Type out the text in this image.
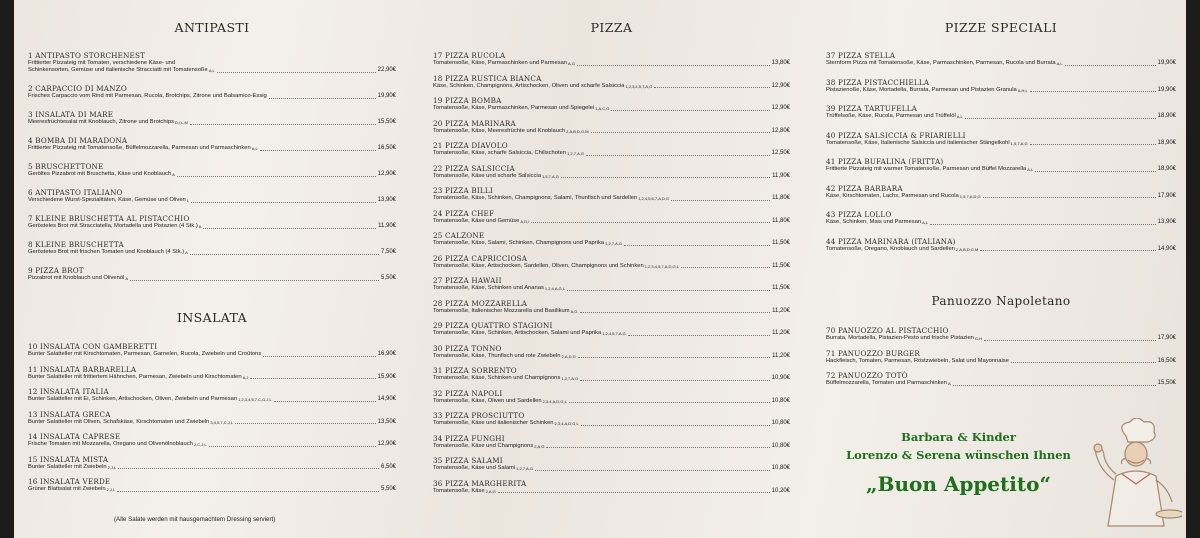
ANTIPASTI
1 ANTIPASTO STORCHENEST
Frittierter Pizzateig mit Tomaten, verschiedene Käse- und
Schinkensorten, Gemüse und italienische Stracciatti mit Tomatensoße A,L	22,90€
2 CARPACCIO DI MANZO
Frisches Carpaccio vom Rind mit Parmesan, Rucola, Brotchips, Zitrone und Balsamico-Essig	19,90€
3 INSALATA DI MARE
Meeresfrüchtesalat mit Knoblauch, Zitrone und Brotchips D,I,L,M	15,50€
4 BOMBA DI MARADONA
Frittierter Pizzateig mit Tomatensoße, Büffelmozzarella, Parmesan und Parmaschinken A,L	16,50€
5 BRUSCHETTONE
Geröltes Pizzabrot mit Bruschetta, Käse und Knoblauch A	12,90€
6 ANTIPASTO ITALIANO
Verschiedene Wurst-Spezialitäten, Käse, Gemüse und Oliven L	13,90€
7 KLEINE BRUSCHETTA AL PISTACCHIO
Gerösteles Brot mit Stracciatella, Mortadella und Pistazien (4 Stk.) A	11,90€
8 KLEINE BRUSCHETTA
Geröstetes Brot mit frischen Tomaten und Knoblauch (4 Stk.) A	7,50€
9 PIZZA BROT
Pizzabrot mit Knoblauch und Olivenöl A	5,50€
INSALATA
10 INSALATA CON GAMBERETTI
Bunter Salatteller mit Kirschtomaten, Parmesan, Garnelen, Rucola, Zwiebeln und Croûtons	16,90€
11 INSALATA BARBARELLA
Bunter Salatteller mit frittiertem Hähnchen, Parmesan, Zwiebeln und Kirschtomaten A,J	15,90€
12 INSALATA ITALIA
Bunter Salatteller mit Ei, Schinken, Artischocken, Oliven, Zwiebeln und Parmesan 1,2,3,4,5,7,C,G,J,L	14,90€
13 INSALATA GRECA
Bunter Salatteller mit Oliven, Schafskäse, Kirschtomaten und Zwiebeln 3,4,5,7,C,J,L	13,50€
14 INSALATA CAPRESE
Frische Tomaten mit Mozzarella, Oregano und Olivenölnoblauch 2,C,J,L	12,90€
15 INSALATA MISTA
Bunter Salatteller mit Zwiebeln 2,J,L	6,50€
16 INSALATA VERDE
Grüner Blattsalat mit Zwiebeln 2,J,L	5,50€
(Alle Salate werden mit hausgemachtem Dressing serviert)
PIZZA
17 PIZZA RUCOLA
Tomatensoße, Käse, Parmaschinken und Parmesan A,G	13,80€
18 PIZZA RUSTICA BIANCA
Käse, Schinken, Champignons, Artischocken, Oliven und scharfe Salsiccia 1,2,3,4,5,7,A,G	12,90€
19 PIZZA BOMBA
Tomatensoße, Käse, Parmaschinken, Parmesan und Spiegelei 1,A,C,G	12,90€
20 PIZZA MARINARA
Tomatensoße, Käse, Meeresfrüchte und Knoblauch 2,A,B,D,G,M	12,80€
21 PIZZA DIAVOLO
Tomatensoße, Käse, scharfe Salsiccia, Chilischoten 1,2,7,A,G	12,50€
22 PIZZA SALSICCIA
Tomatensoße, Käse und scharfe Salsiccia 1,5,7,A,G	11,90€
23 PIZZA BILLI
Tomatensoße, Käse, Schinken, Champignons, Salami, Thunfisch und Sardellen 1,2,4,5,6,7,A,D,G	11,80€
24 PIZZA CHEF
Tomatensoße, Käse und Gemüse A,G,I	11,80€
25 CALZONE
Tomatensoße, Käse, Salami, Schinken, Champignons und Paprika 1,2,7,A,G	11,50€
26 PIZZA CAPRICCIOSA
Tomatensoße, Käse, Artischocken, Sardellen, Oliven, Champignons und Schinken 1,2,3,4,5,7,A,D,G,L	11,50€
27 PIZZA HAWAII
Tomatensoße, Käse, Schinken und Ananas 1,2,4,A,G,L	11,50€
28 PIZZA MOZZARELLA
Tomatensoße, Italienischer Mozzarella und Basilikum A,G	11,20€
29 PIZZA QUATTRO STAGIONI
Tomatensoße, Käse, Schinken, Artischocken, Salami und Paprika 1,2,4,5,7,A,G	11,20€
30 PIZZA TONNO
Tomatensoße, Käse, Thunfisch und rote Zwiebeln 2,A,D,G	11,20€
31 PIZZA SORRENTO
Tomatensoße, Käse, Schinken und Champignons 1,2,7,A,G	10,90€
32 PIZZA NAPOLI
Tomatensoße, Käse, Oliven und Sardellen 2,3,4,A,D,G,L	10,80€
33 PIZZA PROSCIUTTO
Tomatensoße, Käse und italienischer Schinken 2,3,4,A,D,G,L	10,80€
34 PIZZA FUNGHI
Tomatensoße, Käse und Champignons 2,A,G	10,80€
35 PIZZA SALAMI
Tomatensoße, Käse und Salami 1,2,7,A,G	10,80€
36 PIZZA MARGHERITA
Tomatensoße, Käse 2,A,G	10,20€
PIZZE SPECIALI
37 PIZZA STELLA
Sternform Pizza mit Tomatensoße, Käse, Parmaschinken, Parmesan, Rucola und Burrata A,L	19,90€
38 PIZZA PISTACCHIELLA
Pistazienoße, Käse, Mortadella, Burrata, Parmesan und Pistazien Granula A,H,L	19,90€
39 PIZZA TARTUFELLA
Trüffelsoße, Käse, Rucola, Parmesan und Trüffelöl A,L	18,90€
40 PIZZA SALSICCIA & FRIARIELLI
Tomatensoße, Käse, Italienische Salsiccia und italienischer Stängelkohl 1,5,7,A,G	18,90€
41 PIZZA BUFALINA (FRITTA)
Frittierte Pizzateig mit warmer Tomatensoße, Parmesan und Büffel Mozzarella A,L	18,90€
42 PIZZA BARBARA
Käse, Kirschtomaten, Lachs, Parmesan und Rucola 1,5,7,A,D,G	17,90€
43 PIZZA LOLLO
Käse, Schinken, Mais und Parmesan A,L	13,90€
44 PIZZA MARINARA (ITALIANA)
Tomatensoße, Oregano, Knoblauch und Sardellen 2,A,B,D,G,M	14,90€
Panuozzo Napoletano
70 PANUOZZO AL PISTACCHIO
Burrata, Mortadella, Pistazien-Pesto und frische Pistazien G,H	17,90€
71 PANUOZZO BURGER
Hackfleisch, Tomaten, Parmesan, Röstzwiebeln, Salat und Mayonnaise	16,50€
72 PANUOZZO TOTÒ
Büffelmozzarella, Tomaten und Parmaschinken A	15,50€
Barbara & Kinder
Lorenzo & Serena wünschen Ihnen
„Buon Appetito“
